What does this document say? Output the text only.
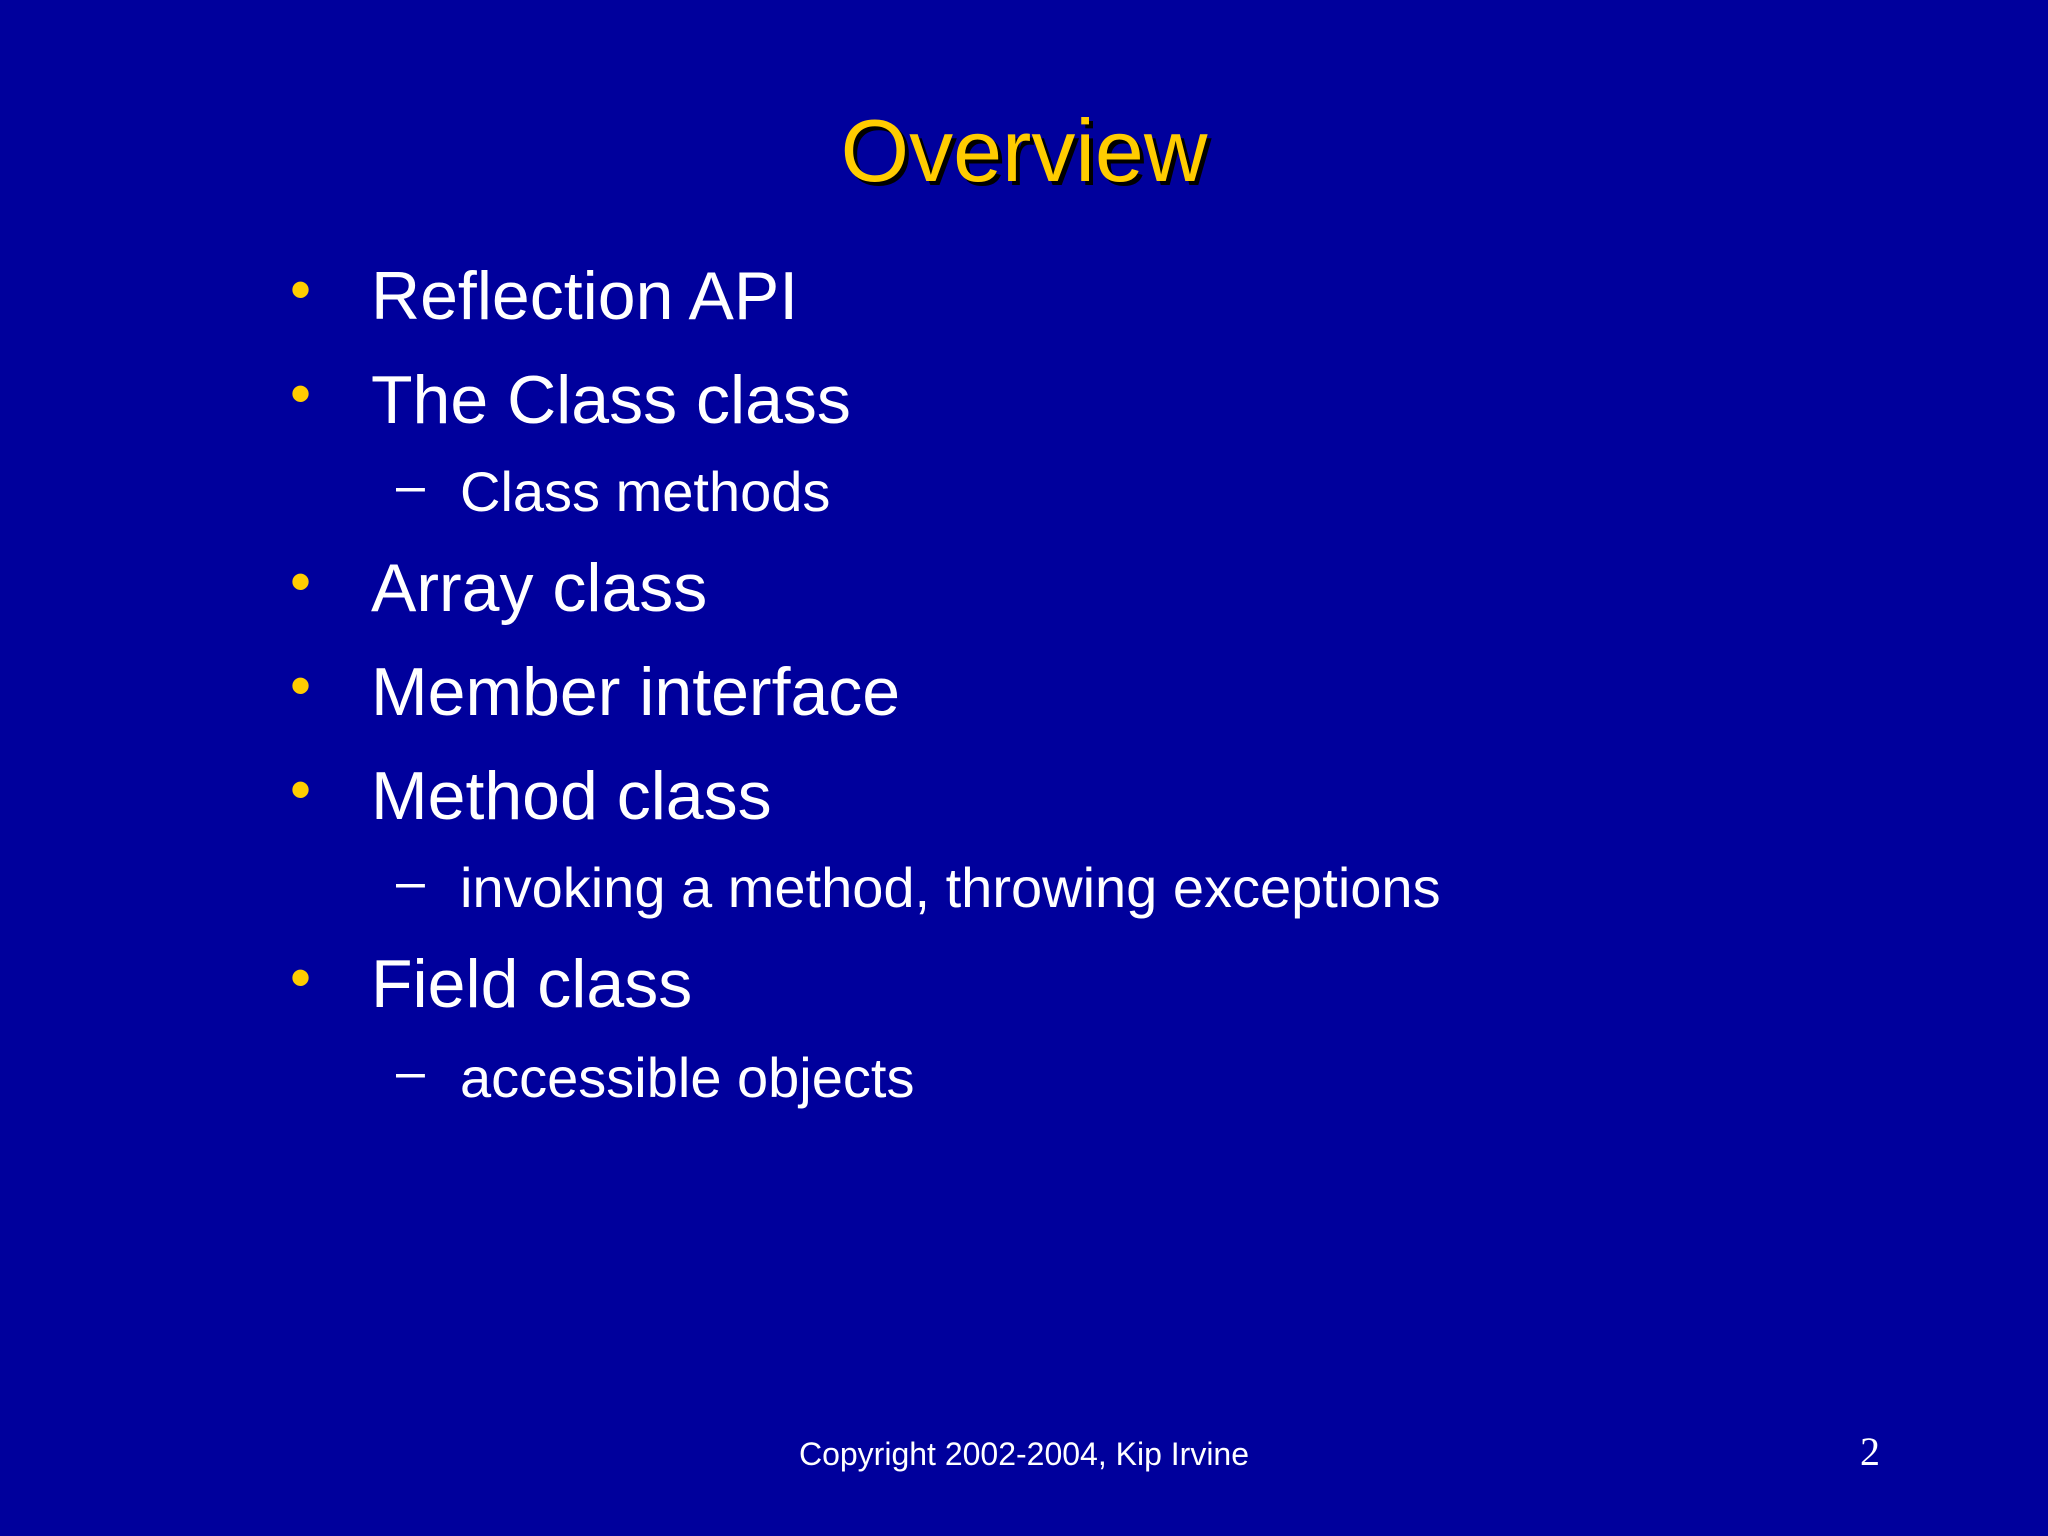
Overview
• Reflection API
• The Class class
– Class methods
• Array class
• Member interface
• Method class
– invoking a method, throwing exceptions
• Field class
– accessible objects
Copyright 2002-2004, Kip Irvine	2
